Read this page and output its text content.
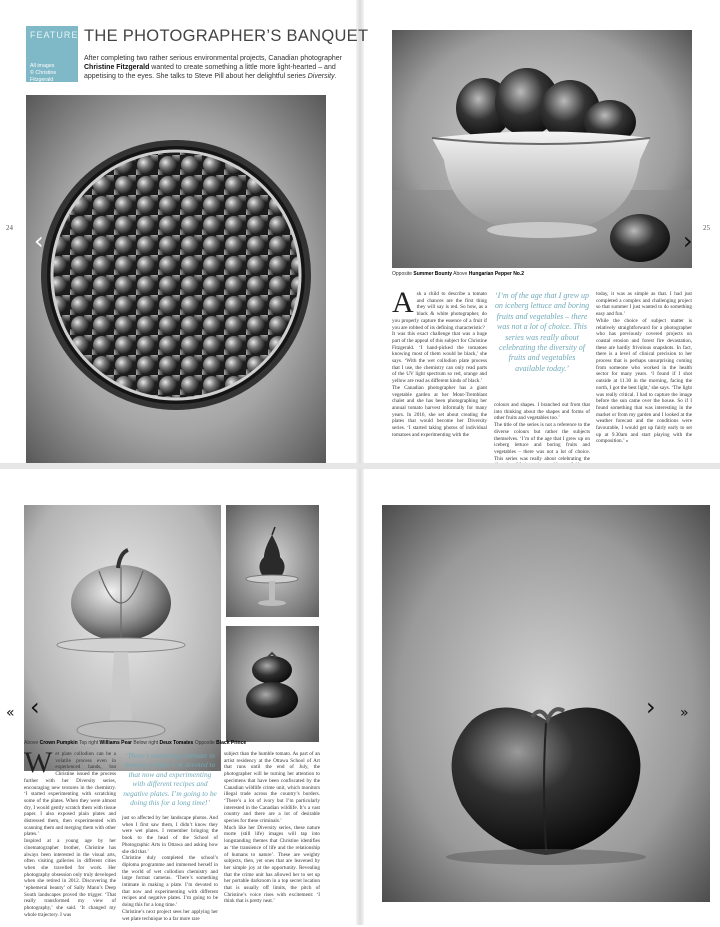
FEATURE
All images
© Christine Fitzgerald
THE PHOTOGRAPHER’S BANQUET
After completing two rather serious environmental projects, Canadian photographer Christine Fitzgerald wanted to create something a little more light-hearted – and appetising to the eyes. She talks to Steve Pill about her delightful series Diversity.
24	25
‹	›
Opposite Summer Bounty Above Hungarian Pepper No.2
A sk a child to describe a tomato and chances are the first thing they will say is red. So how, as a black & white photographer, do you properly capture the essence of a fruit if you are robbed of its defining characteristic?
It was this exact challenge that was a huge part of the appeal of this subject for Christine Fitzgerald. ‘I hand-picked the tomatoes knowing most of them would be black,’ she says. ‘With the wet collodion plate process that I use, the chemistry can only read parts of the UV light spectrum so red, orange and yellow are read as different kinds of black.’
The Canadian photographer has a giant vegetable garden at her Mont-Tremblant chalet and she has been photographing her annual tomato harvest informally for many years. In 2016, she set about creating the plates that would become her Diversity series. ‘I started taking photos of individual tomatoes and experimenting with the
‘I’m of the age that I grew up on iceberg lettuce and boring fruits and vegetables – there was not a lot of choice. This series was really about celebrating the diversity of fruits and vegetables available today.’
colours and shapes. I branched out from that into thinking about the shapes and forms of other fruits and vegetables too.’
The title of the series is not a reference to the diverse colours but rather the subjects themselves. ‘I’m of the age that I grew up on iceberg lettuce and boring fruits and vegetables – there was not a lot of choice. This series was really about celebrating the
today, it was as simple as that. I had just completed a complex and challenging project so that summer I just wanted to do something easy and fun.’
While the choice of subject matter is relatively straightforward for a photographer who has previously covered projects on coastal erosion and forest fire devastation, these are hardly frivolous snapshots. In fact, there is a level of clinical precision to her process that is perhaps unsurprising coming from someone who worked in the health sector for many years. ‘I found if I shot outside at 11.30 in the morning, facing the north, I got the best light,’ she says. ‘The light was really critical. I had to capture the image before the sun came over the house. So if I found something that was interesting in the market or from my garden and I looked at the weather forecast and the conditions were favourable, I would get up fairly early to set up at 9.30am and start playing with the composition.’ »
« ‹	› »
Above Crown Pumpkin Top right Williams Pear Below right Deux Tomates Opposite Black Prince
W et plate collodion can be a volatile process even in experienced hands, but Christine issued the process further with her Diversity series, encouraging new textures in the chemistry. ‘I started experimenting with scratching some of the plates. When they were almost dry, I would gently scratch them with tissue paper. I also exposed plain plates and distressed them, then experimented with scanning them and merging them with other plates.’
Inspired at a young age by her cinematographer brother, Christine has always been interested in the visual arts, often visiting galleries in different cities when she travelled for work. Her photography obsession only truly developed when she retired in 2012. Discovering the ‘ephemeral beauty’ of Sally Mann’s Deep South landscapes proved the trigger. ‘That really transformed my view of photography,’ she said. ‘It changed my whole trajectory. I was
‘There’s something intimate in making a plate. I’m devoted to that now and experimenting with different recipes and negative plates. I’m going to be doing this for a long time!’
just so affected by her landscape photos. And when I first saw them, I didn’t know they were wet plates. I remember bringing the book to the head of the School of Photographic Arts in Ottawa and asking how she did that.’
Christine duly completed the school’s diploma programme and immersed herself in the world of wet collodion chemistry and large format cameras. ‘There’s something intimate in making a plate. I’m devoted to that now and experimenting with different recipes and negative plates. I’m going to be doing this for a long time.’
Christine’s next project sees her applying her wet plate technique to a far more rare
subject than the humble tomato. As part of an artist residency at the Ottawa School of Art that runs until the end of July, the photographer will be turning her attention to specimens that have been confiscated by the Canadian wildlife crime unit, which monitors illegal trade across the country’s borders. ‘There’s a lot of ivory but I’m particularly interested in the Canadian wildlife. It’s a vast country and there are a lot of desirable species for these criminals.’
Much like her Diversity series, these nature morte (still life) images will tap into longstanding themes that Christine identifies as ‘the transience of life and the relationship of humans to nature’. These are weighty subjects, then, yet ones that are leavened by her simple joy at the opportunity. Revealing that the crime unit has allowed her to set up her portable darkroom in a top secret location that is usually off limits, the pitch of Christine’s voice rises with excitement: ‘I think that is pretty neat.’
